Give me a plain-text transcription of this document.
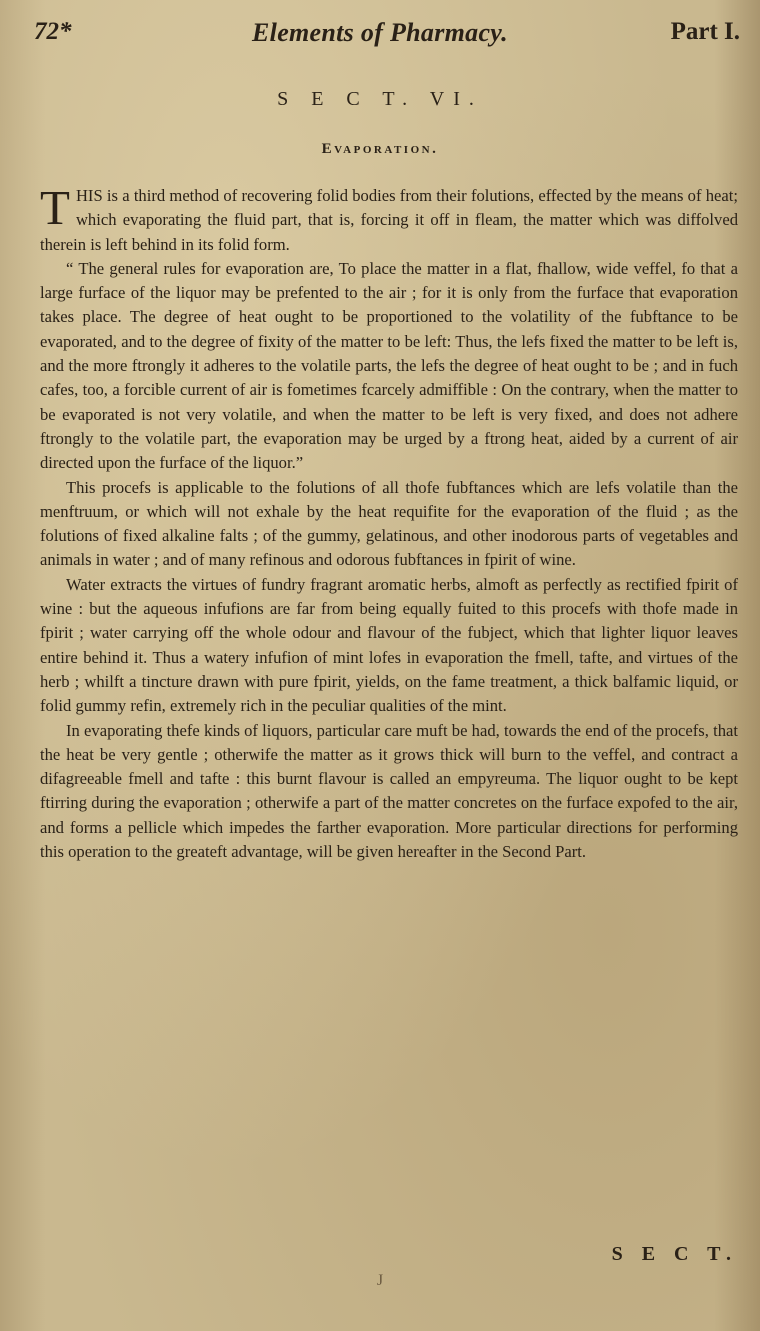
72*	Elements of Pharmacy.	Part I.
S E C T. VI.
Evaporation.

THIS is a third method of recovering folid bodies from their folutions, effected by the means of heat; which evaporating the fluid part, that is, forcing it off in fleam, the matter which was diffolved therein is left behind in its folid form.

“ The general rules for evaporation are, To place the matter in a flat, fhallow, wide veffel, fo that a large furface of the liquor may be prefented to the air ; for it is only from the furface that evaporation takes place. The degree of heat ought to be proportioned to the volatility of the fubftance to be evaporated, and to the degree of fixity of the matter to be left: Thus, the lefs fixed the matter to be left is, and the more ftrongly it adheres to the volatile parts, the lefs the degree of heat ought to be ; and in fuch cafes, too, a forcible current of air is fometimes fcarcely admiffible : On the contrary, when the matter to be evaporated is not very volatile, and when the matter to be left is very fixed, and does not adhere ftrongly to the volatile part, the evaporation may be urged by a ftrong heat, aided by a current of air directed upon the furface of the liquor.”

This procefs is applicable to the folutions of all thofe fubftances which are lefs volatile than the menftruum, or which will not exhale by the heat requifite for the evaporation of the fluid ; as the folutions of fixed alkaline falts ; of the gummy, gelatinous, and other inodorous parts of vegetables and animals in water ; and of many refinous and odorous fubftances in fpirit of wine.

Water extracts the virtues of fundry fragrant aromatic herbs, almoft as perfectly as rectified fpirit of wine : but the aqueous infufions are far from being equally fuited to this procefs with thofe made in fpirit ; water carrying off the whole odour and flavour of the fubject, which that lighter liquor leaves entire behind it. Thus a watery infufion of mint lofes in evaporation the fmell, tafte, and virtues of the herb ; whilft a tincture drawn with pure fpirit, yields, on the fame treatment, a thick balfamic liquid, or folid gummy refin, extremely rich in the peculiar qualities of the mint.

In evaporating thefe kinds of liquors, particular care muft be had, towards the end of the procefs, that the heat be very gentle ; otherwife the matter as it grows thick will burn to the veffel, and contract a difagreeable fmell and tafte : this burnt flavour is called an empyreuma. The liquor ought to be kept ftirring during the evaporation ; otherwife a part of the matter concretes on the furface expofed to the air, and forms a pellicle which impedes the farther evaporation. More particular directions for performing this operation to the greateft advantage, will be given hereafter in the Second Part.

S E C T.
J
